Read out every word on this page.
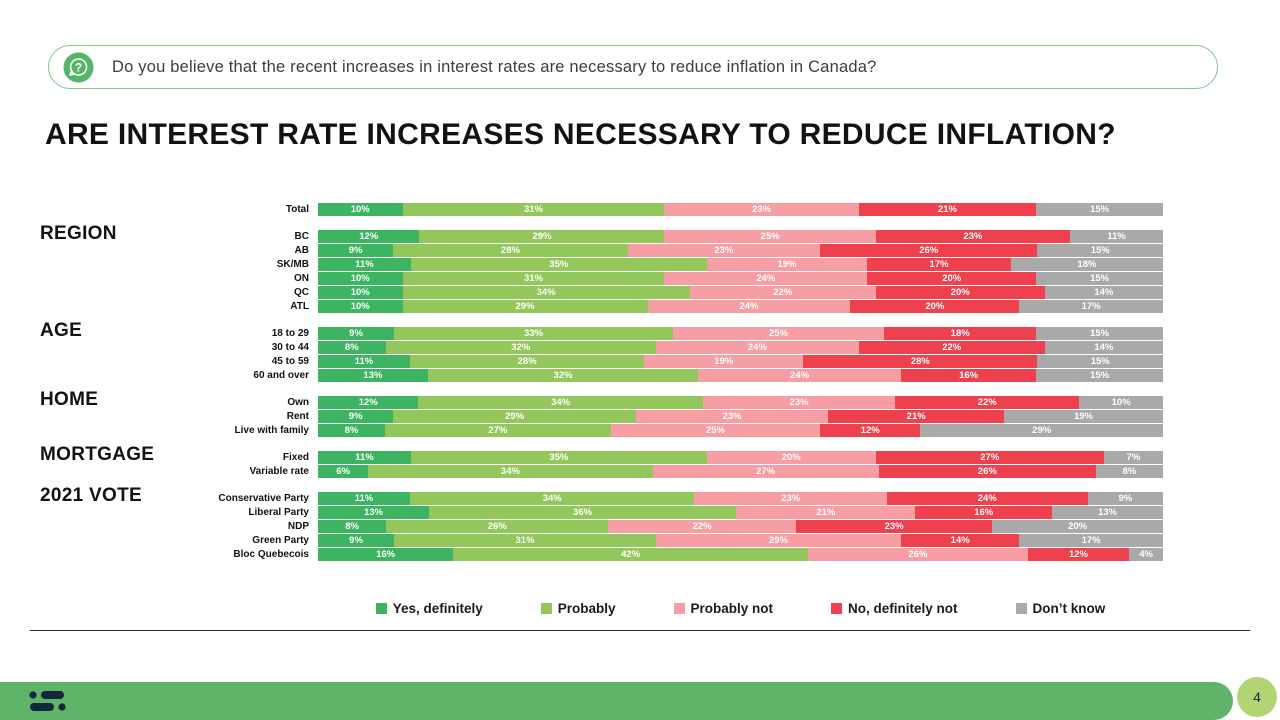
? Do you believe that the recent increases in interest rates are necessary to reduce inflation in Canada?
ARE INTEREST RATE INCREASES NECESSARY TO REDUCE INFLATION?
Total	10%	31%	23%	21%	15%
REGION	BC	12%	29%	25%	23%	11%
AB	9%	28%	23%	26%	15%
SK/MB	11%	35%	19%	17%	18%
ON	10%	31%	24%	20%	15%
QC	10%	34%	22%	20%	14%
ATL	10%	29%	24%	20%	17%
AGE	18 to 29	9%	33%	25%	18%	15%
30 to 44	8%	32%	24%	22%	14%
45 to 59	11%	28%	19%	28%	15%
60 and over	13%	32%	24%	16%	15%
HOME	Own	12%	34%	23%	22%	10%
Rent	9%	29%	23%	21%	19%
Live with family	8%	27%	25%	12%	29%
MORTGAGE	Fixed	11%	35%	20%	27%	7%
Variable rate	6%	34%	27%	26%	8%
2021 VOTE	Conservative Party	11%	34%	23%	24%	9%
Liberal Party	13%	36%	21%	16%	13%
NDP	8%	26%	22%	23%	20%
Green Party	9%	31%	29%	14%	17%
Bloc Quebecois	16%	42%	26%	12%	4%
Yes, definitely	Probably	Probably not	No, definitely not	Don’t know
4
